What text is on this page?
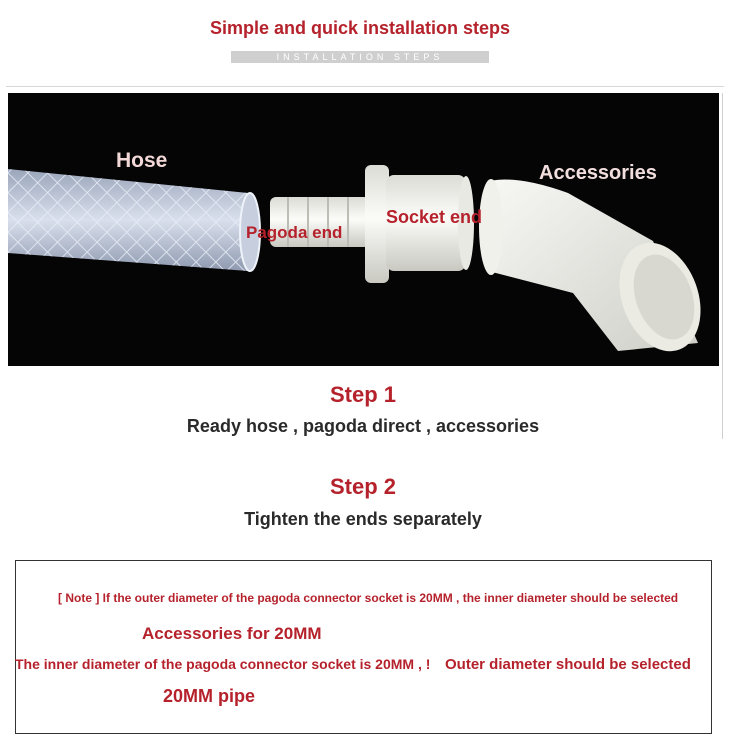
Simple and quick installation steps
INSTALLATION STEPS
Hose
Pagoda end
Socket end
Accessories
Step 1
Ready hose , pagoda direct , accessories
Step 2
Tighten the ends separately
[ Note ] If the outer diameter of the pagoda connector socket is 20MM , the inner diameter should be selected
Accessories for 20MM
The inner diameter of the pagoda connector socket is 20MM , ! Outer diameter should be selected
20MM pipe
